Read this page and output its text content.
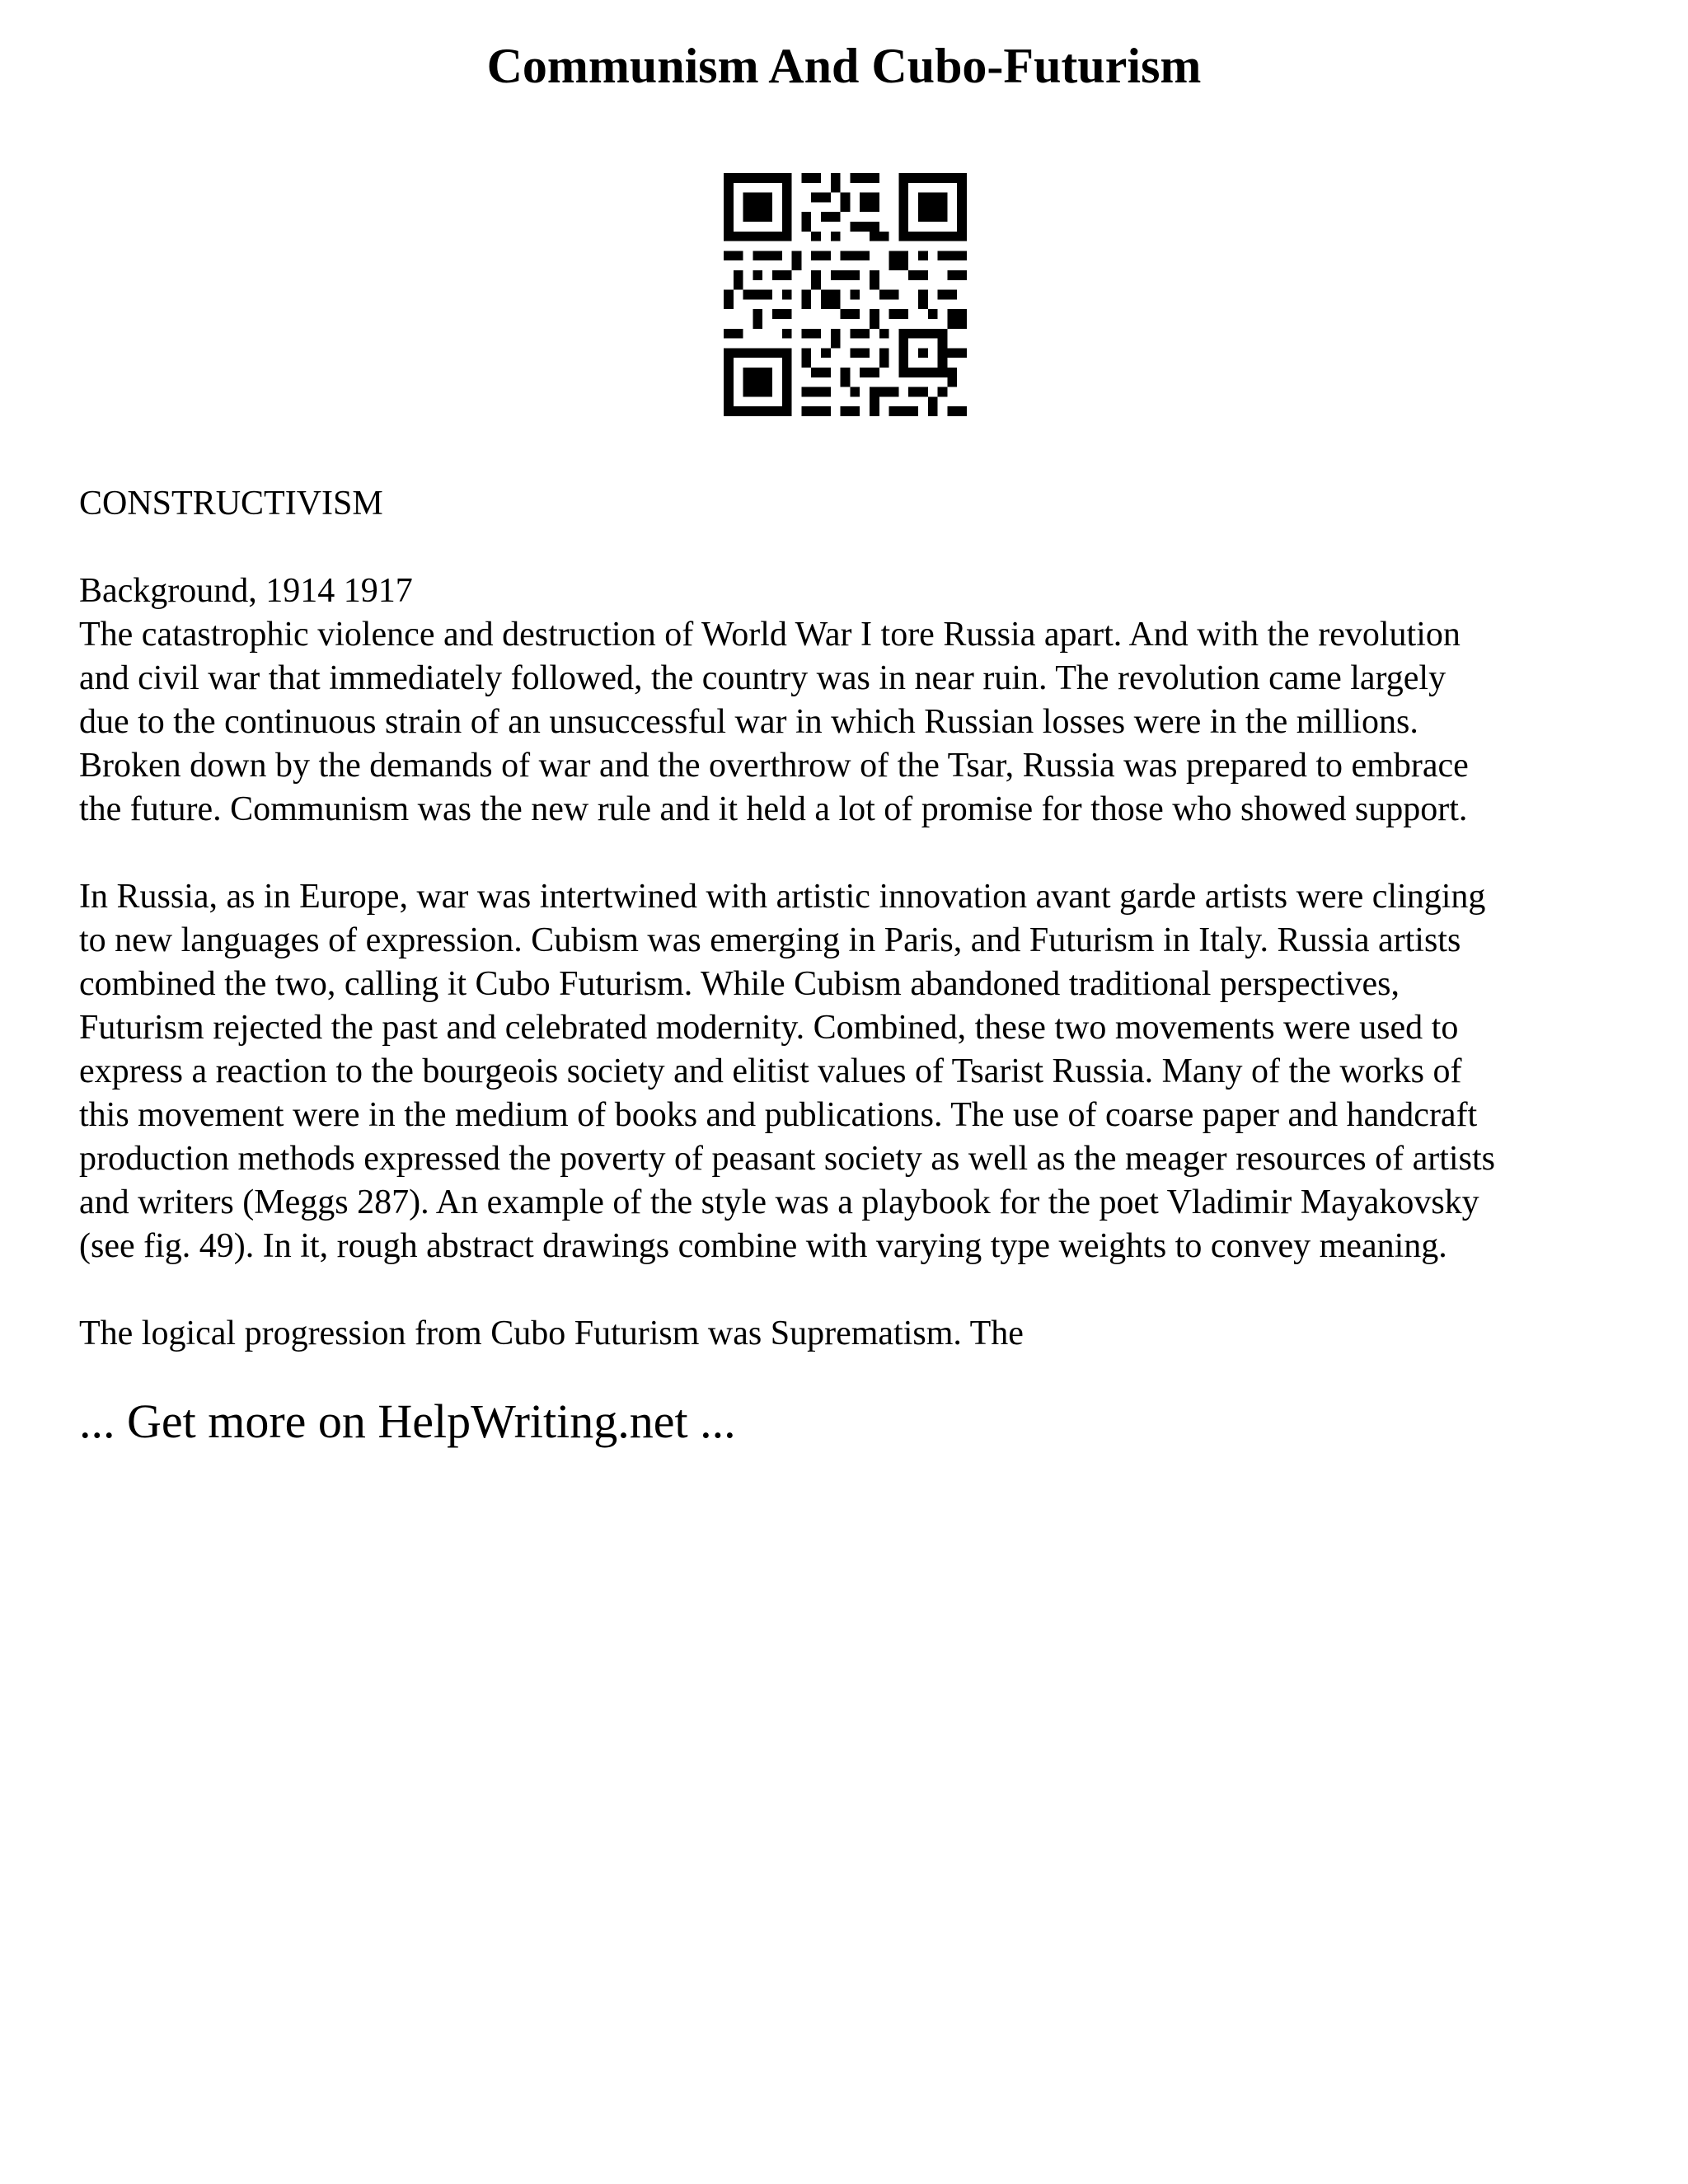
Communism And Cubo-Futurism

CONSTRUCTIVISM

Background, 1914 1917

The catastrophic violence and destruction of World War I tore Russia apart. And with the revolution
and civil war that immediately followed, the country was in near ruin. The revolution came largely
due to the continuous strain of an unsuccessful war in which Russian losses were in the millions.
Broken down by the demands of war and the overthrow of the Tsar, Russia was prepared to embrace
the future. Communism was the new rule and it held a lot of promise for those who showed support.

In Russia, as in Europe, war was intertwined with artistic innovation avant garde artists were clinging
to new languages of expression. Cubism was emerging in Paris, and Futurism in Italy. Russia artists
combined the two, calling it Cubo Futurism. While Cubism abandoned traditional perspectives,
Futurism rejected the past and celebrated modernity. Combined, these two movements were used to
express a reaction to the bourgeois society and elitist values of Tsarist Russia. Many of the works of
this movement were in the medium of books and publications. The use of coarse paper and handcraft
production methods expressed the poverty of peasant society as well as the meager resources of artists
and writers (Meggs 287). An example of the style was a playbook for the poet Vladimir Mayakovsky
(see fig. 49). In it, rough abstract drawings combine with varying type weights to convey meaning.

The logical progression from Cubo Futurism was Suprematism. The

... Get more on HelpWriting.net ...
